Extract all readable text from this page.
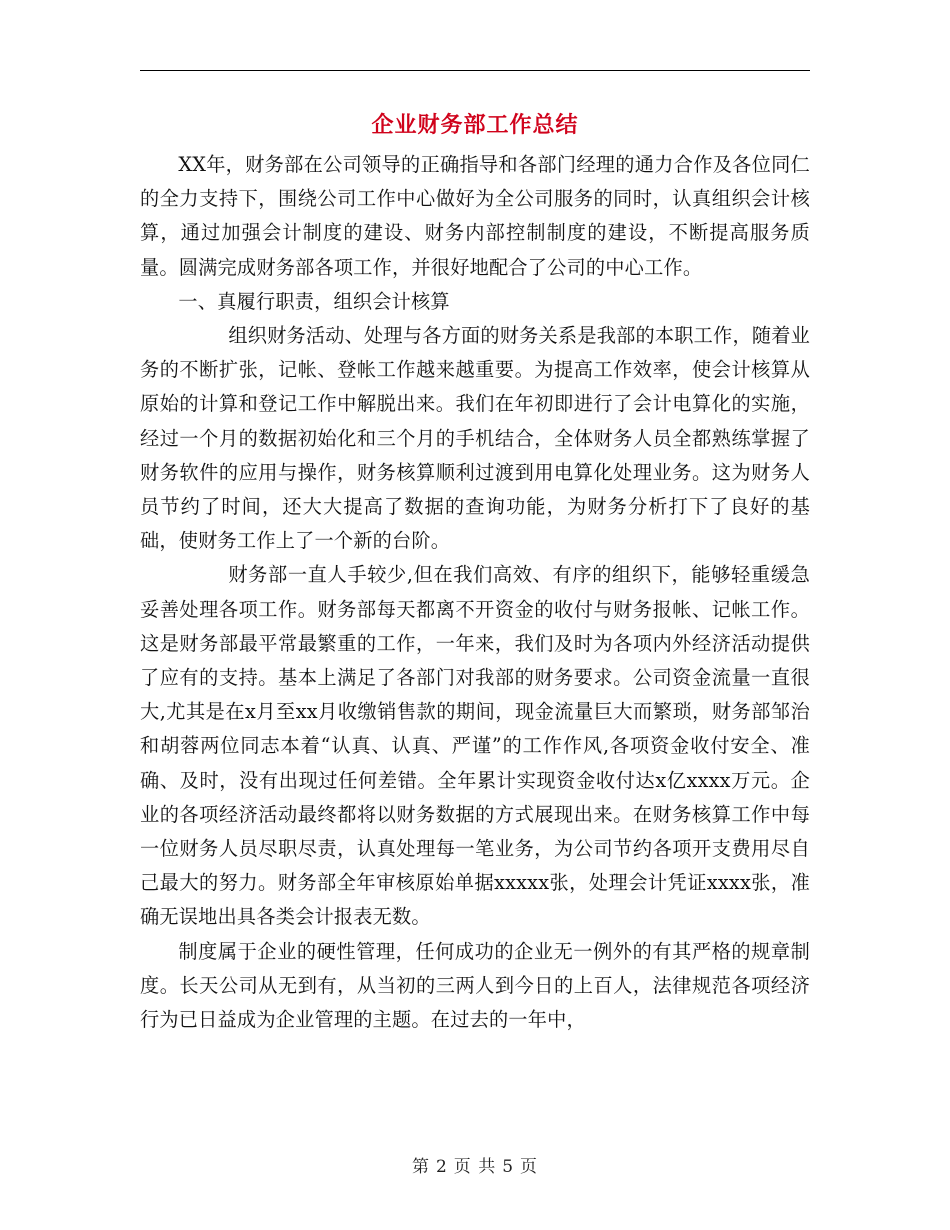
企业财务部工作总结

XX年，财务部在公司领导的正确指导和各部门经理的通力合作及各位同仁的全力支持下，围绕公司工作中心做好为全公司服务的同时，认真组织会计核算，通过加强会计制度的建设、财务内部控制制度的建设，不断提高服务质量。圆满完成财务部各项工作，并很好地配合了公司的中心工作。

一、真履行职责，组织会计核算

组织财务活动、处理与各方面的财务关系是我部的本职工作，随着业务的不断扩张，记帐、登帐工作越来越重要。为提高工作效率，使会计核算从原始的计算和登记工作中解脱出来。我们在年初即进行了会计电算化的实施，经过一个月的数据初始化和三个月的手机结合，全体财务人员全都熟练掌握了财务软件的应用与操作，财务核算顺利过渡到用电算化处理业务。这为财务人员节约了时间，还大大提高了数据的查询功能，为财务分析打下了良好的基础，使财务工作上了一个新的台阶。

财务部一直人手较少,但在我们高效、有序的组织下，能够轻重缓急妥善处理各项工作。财务部每天都离不开资金的收付与财务报帐、记帐工作。这是财务部最平常最繁重的工作，一年来，我们及时为各项内外经济活动提供了应有的支持。基本上满足了各部门对我部的财务要求。公司资金流量一直很大,尤其是在x月至xx月收缴销售款的期间，现金流量巨大而繁琐，财务部邹治和胡蓉两位同志本着“认真、认真、严谨”的工作作风,各项资金收付安全、准确、及时，没有出现过任何差错。全年累计实现资金收付达x亿xxxx万元。企业的各项经济活动最终都将以财务数据的方式展现出来。在财务核算工作中每一位财务人员尽职尽责，认真处理每一笔业务，为公司节约各项开支费用尽自己最大的努力。财务部全年审核原始单据xxxxx张，处理会计凭证xxxx张，准确无误地出具各类会计报表无数。

制度属于企业的硬性管理，任何成功的企业无一例外的有其严格的规章制度。长天公司从无到有，从当初的三两人到今日的上百人，法律规范各项经济行为已日益成为企业管理的主题。在过去的一年中，

第 2 页 共 5 页
